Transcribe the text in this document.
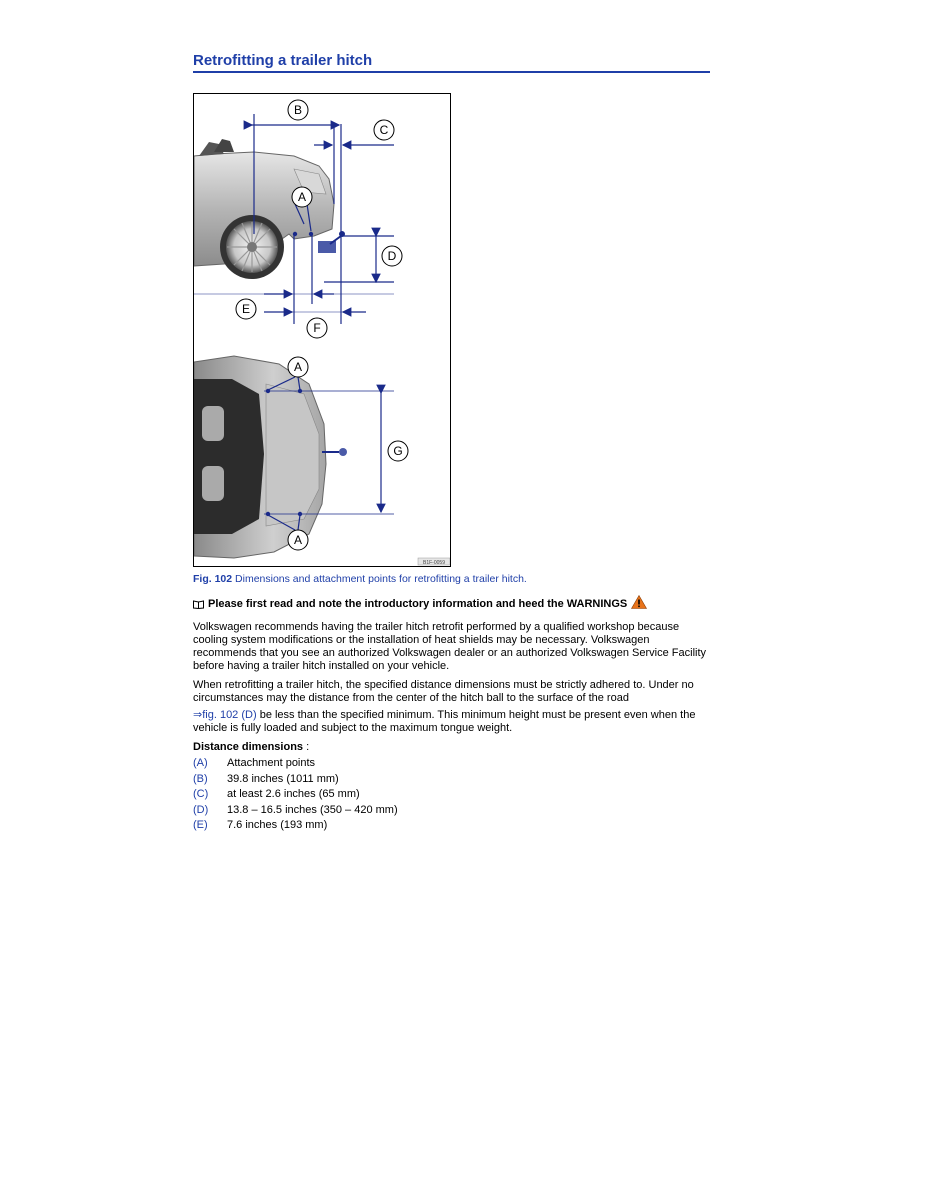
Retrofitting a trailer hitch
B
C
A
D
E
F
A
G
A
B1F-0059
Fig. 102 Dimensions and attachment points for retrofitting a trailer hitch.
Please first read and note the introductory information and heed the WARNINGS

Volkswagen recommends having the trailer hitch retrofit performed by a qualified workshop because cooling system modifications or the installation of heat shields may be necessary. Volkswagen recommends that you see an authorized Volkswagen dealer or an authorized Volkswagen Service Facility before having a trailer hitch installed on your vehicle.

When retrofitting a trailer hitch, the specified distance dimensions must be strictly adhered to. Under no circumstances may the distance from the center of the hitch ball to the surface of the road

⇒fig. 102 (D) be less than the specified minimum. This minimum height must be present even when the vehicle is fully loaded and subject to the maximum tongue weight.

Distance dimensions :
(A)	Attachment points
(B)	39.8 inches (1011 mm)
(C)	at least 2.6 inches (65 mm)
(D)	13.8 – 16.5 inches (350 – 420 mm)
(E)	7.6 inches (193 mm)
